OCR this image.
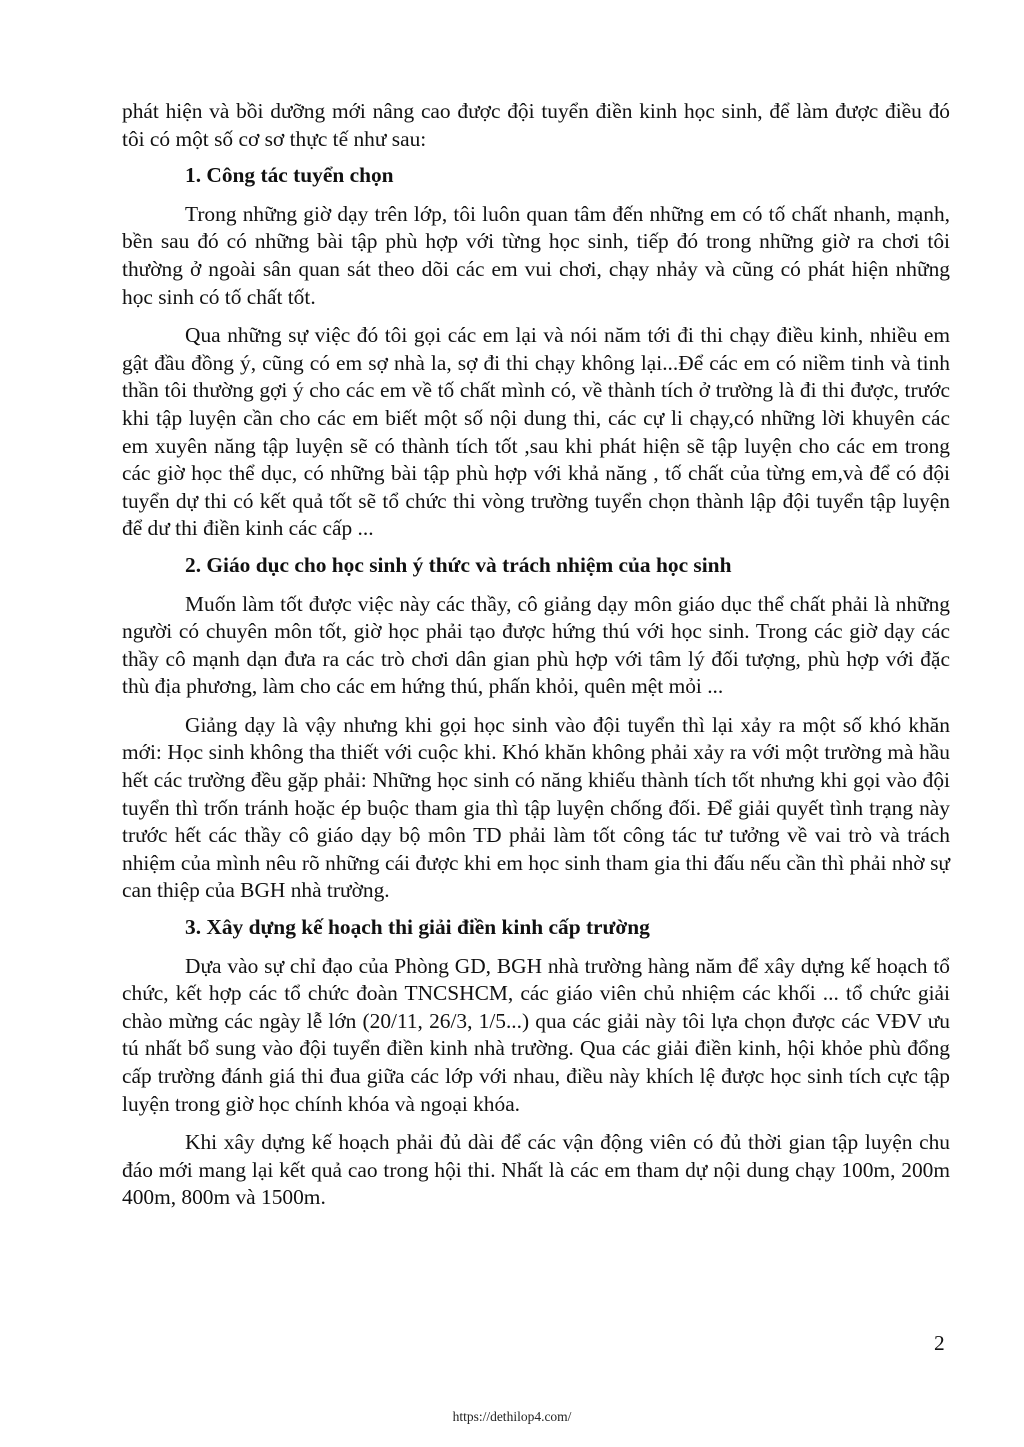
phát hiện và bồi dưỡng mới nâng cao được đội tuyển điền kinh học sinh, để làm được điều đó tôi có một số cơ sơ thực tế như sau:

1. Công tác tuyển chọn

Trong những giờ dạy trên lớp, tôi luôn quan tâm đến những em có tố chất nhanh, mạnh, bền sau đó có những bài tập phù hợp với từng học sinh, tiếp đó trong những giờ ra chơi tôi thường ở ngoài sân quan sát theo dõi các em vui chơi, chạy nhảy và cũng có phát hiện những học sinh có tố chất tốt.

Qua những sự việc đó tôi gọi các em lại và nói năm tới đi thi chạy điều kinh, nhiều em gật đầu đồng ý, cũng có em sợ nhà la, sợ đi thi chạy không lại...Để các em có niềm tinh và tinh thần tôi thường gợi ý cho các em về tố chất mình có, về thành tích ở trường là đi thi được, trước khi tập luyện cần cho các em biết một số nội dung thi, các cự li chạy,có những lời khuyên các em xuyên năng tập luyện sẽ có thành tích tốt ,sau khi phát hiện sẽ tập luyện cho các em trong các giờ học thể dục, có những bài tập phù hợp với khả năng , tố chất của từng em,và để có đội tuyển dự thi có kết quả tốt sẽ tổ chức thi vòng trường tuyển chọn thành lập đội tuyển tập luyện để dư thi điền kinh các cấp ...

2. Giáo dục cho học sinh ý thức và trách nhiệm của học sinh

Muốn làm tốt được việc này các thầy, cô giảng dạy môn giáo dục thể chất phải là những người có chuyên môn tốt, giờ học phải tạo được hứng thú với học sinh. Trong các giờ dạy các thầy cô mạnh dạn đưa ra các trò chơi dân gian phù hợp với tâm lý đối tượng, phù hợp với đặc thù địa phương, làm cho các em hứng thú, phấn khỏi, quên mệt mỏi ...

Giảng dạy là vậy nhưng khi gọi học sinh vào đội tuyển thì lại xảy ra một số khó khăn mới: Học sinh không tha thiết với cuộc khi. Khó khăn không phải xảy ra với một trường mà hầu hết các trường đều gặp phải: Những học sinh có năng khiếu thành tích tốt nhưng khi gọi vào đội tuyển thì trốn tránh hoặc ép buộc tham gia thì tập luyện chống đối. Để giải quyết tình trạng này trước hết các thầy cô giáo dạy bộ môn TD phải làm tốt công tác tư tưởng về vai trò và trách nhiệm của mình nêu rõ những cái được khi em học sinh tham gia thi đấu nếu cần thì phải nhờ sự can thiệp của BGH nhà trường.

3. Xây dựng kế hoạch thi giải điền kinh cấp trường

Dựa vào sự chỉ đạo của Phòng GD, BGH nhà trường hàng năm để xây dựng kế hoạch tổ chức, kết hợp các tổ chức đoàn TNCSHCM, các giáo viên chủ nhiệm các khối ... tổ chức giải chào mừng các ngày lễ lớn (20/11, 26/3, 1/5...) qua các giải này tôi lựa chọn được các VĐV ưu tú nhất bổ sung vào đội tuyển điền kinh nhà trường. Qua các giải điền kinh, hội khỏe phù đổng cấp trường đánh giá thi đua giữa các lớp với nhau, điều này khích lệ được học sinh tích cực tập luyện trong giờ học chính khóa và ngoại khóa.

Khi xây dựng kế hoạch phải đủ dài để các vận động viên có đủ thời gian tập luyện chu đáo mới mang lại kết quả cao trong hội thi. Nhất là các em tham dự nội dung chạy 100m, 200m 400m, 800m và 1500m.

2
https://dethilop4.com/
